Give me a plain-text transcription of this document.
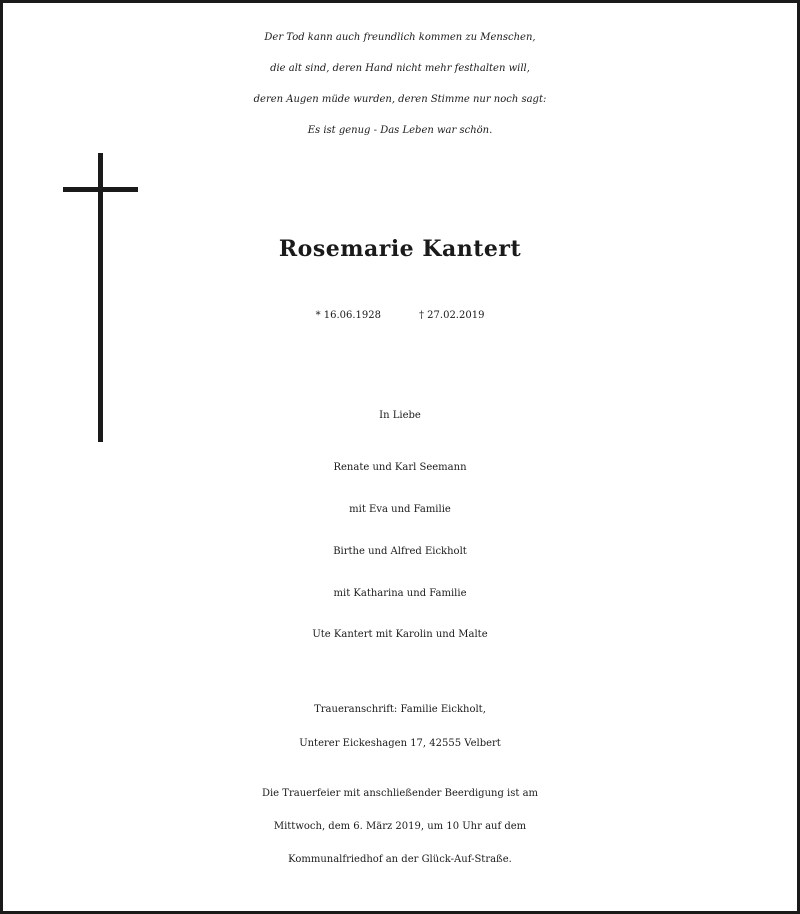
Der Tod kann auch freundlich kommen zu Menschen,
die alt sind, deren Hand nicht mehr festhalten will,
deren Augen müde wurden, deren Stimme nur noch sagt:
Es ist genug - Das Leben war schön.
Rosemarie Kantert
* 16.06.1928	† 27.02.2019
In Liebe
Renate und Karl Seemann
mit Eva und Familie
Birthe und Alfred Eickholt
mit Katharina und Familie
Ute Kantert mit Karolin und Malte
Traueranschrift: Familie Eickholt,
Unterer Eickeshagen 17, 42555 Velbert
Die Trauerfeier mit anschließender Beerdigung ist am
Mittwoch, dem 6. März 2019, um 10 Uhr auf dem
Kommunalfriedhof an der Glück-Auf-Straße.
